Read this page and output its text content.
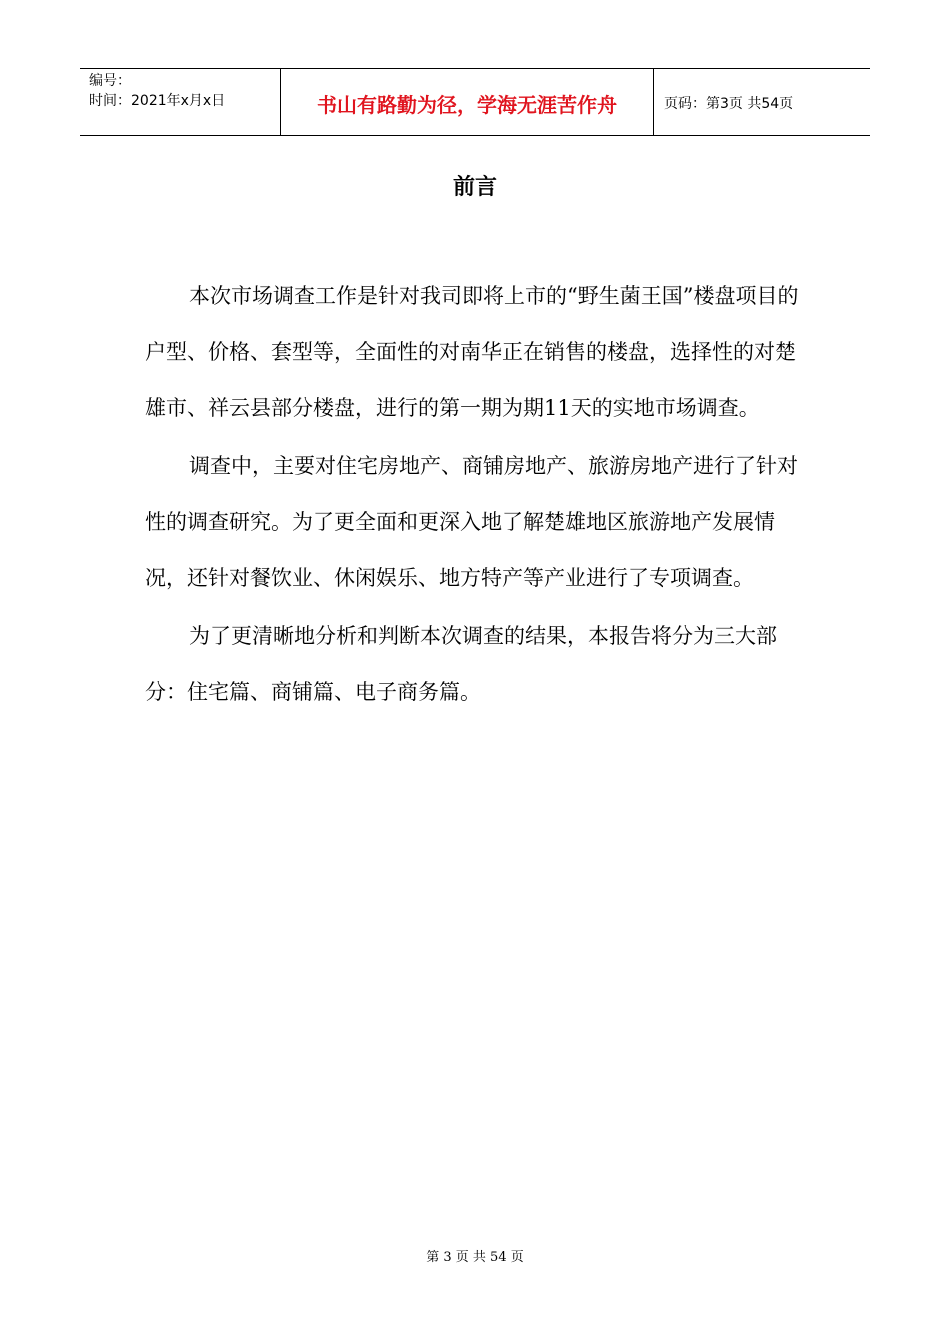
编号：
时间：2021年x月x日	书山有路勤为径，学海无涯苦作舟	页码：第3页 共54页
前言

本次市场调查工作是针对我司即将上市的“野生菌王国”楼盘项目的户型、价格、套型等，全面性的对南华正在销售的楼盘，选择性的对楚雄市、祥云县部分楼盘，进行的第一期为期11天的实地市场调查。

调查中，主要对住宅房地产、商铺房地产、旅游房地产进行了针对性的调查研究。为了更全面和更深入地了解楚雄地区旅游地产发展情况，还针对餐饮业、休闲娱乐、地方特产等产业进行了专项调查。

为了更清晰地分析和判断本次调查的结果，本报告将分为三大部分：住宅篇、商铺篇、电子商务篇。

第 3 页 共 54 页
